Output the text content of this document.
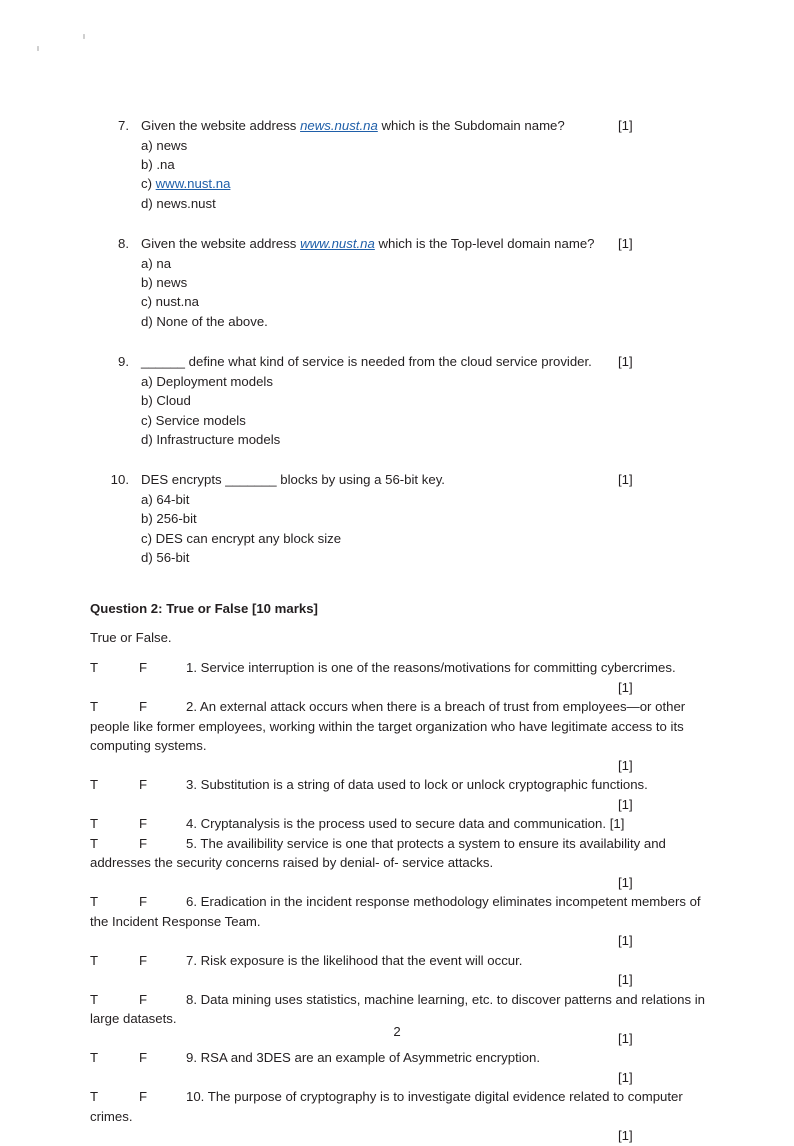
7. Given the website address news.nust.na which is the Subdomain name?	[1]
a) news
b) .na
c) www.nust.na
d) news.nust
8. Given the website address www.nust.na which is the Top-level domain name? [1]
a) na
b) news
c) nust.na
d) None of the above.
9. ______ define what kind of service is needed from the cloud service provider. [1]
a) Deployment models
b) Cloud
c) Service models
d) Infrastructure models
10. DES encrypts _______ blocks by using a 56-bit key.	[1]
a) 64-bit
b) 256-bit
c) DES can encrypt any block size
d) 56-bit
Question 2: True or False [10 marks]
True or False.
T	F	1. Service interruption is one of the reasons/motivations for committing cybercrimes.
[1]
T	F	2. An external attack occurs when there is a breach of trust from employees—or other people like former employees, working within the target organization who have legitimate access to its computing systems.
[1]
T	F	3. Substitution is a string of data used to lock or unlock cryptographic functions.
[1]
T	F	4. Cryptanalysis is the process used to secure data and communication. [1]
T	F	5. The availibility service is one that protects a system to ensure its availability and addresses the security concerns raised by denial- of- service attacks.
[1]
T	F	6. Eradication in the incident response methodology eliminates incompetent members of the Incident Response Team.
[1]
T	F	7. Risk exposure is the likelihood that the event will occur.
[1]
T	F	8. Data mining uses statistics, machine learning, etc. to discover patterns and relations in large datasets.
[1]
T	F	9. RSA and 3DES are an example of Asymmetric encryption.
[1]
T	F	10. The purpose of cryptography is to investigate digital evidence related to computer crimes.
[1]
2
